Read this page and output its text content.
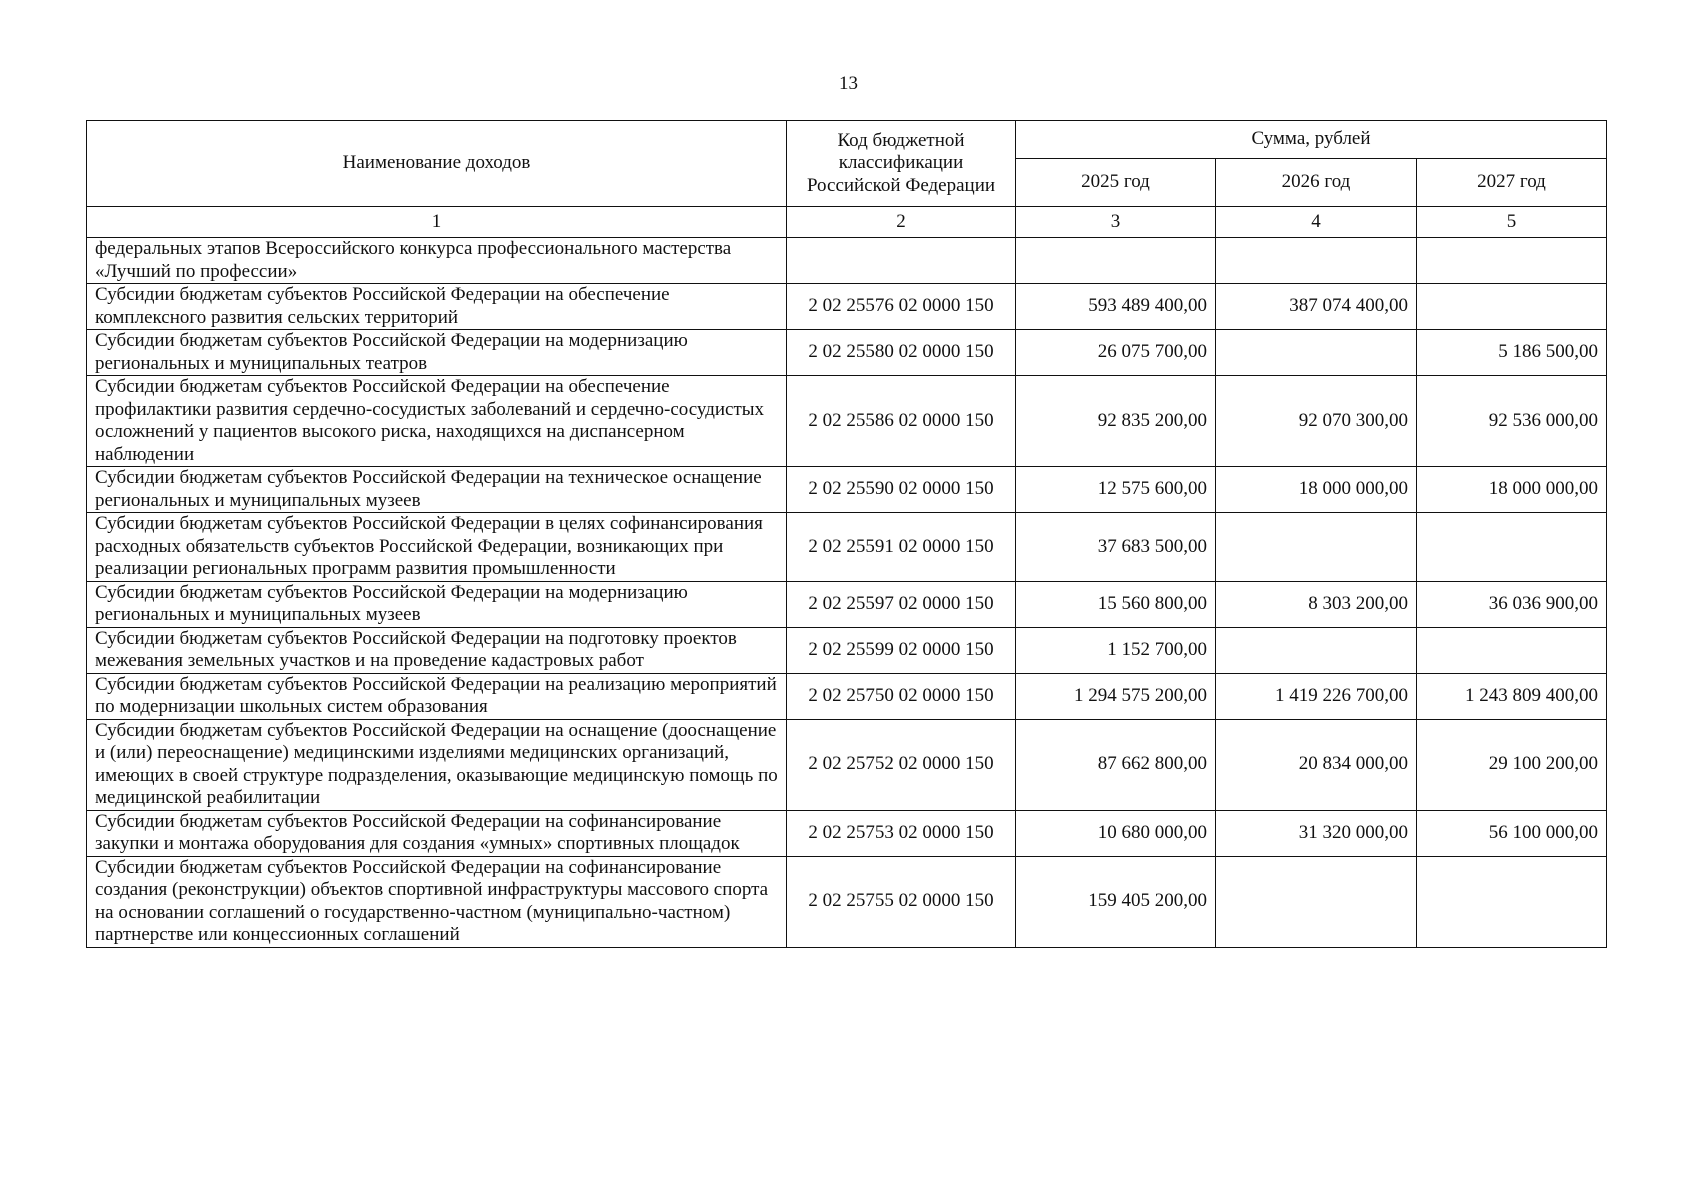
13
Наименование доходов	Код бюджетной классификации Российской Федерации	Сумма, рублей		
		2025 год	2026 год	2027 год
1	2	3	4	5
федеральных этапов Всероссийского конкурса профессионального мастерства «Лучший по профессии»				
Субсидии бюджетам субъектов Российской Федерации на обеспечение комплексного развития сельских территорий	2 02 25576 02 0000 150	593 489 400,00	387 074 400,00	
Субсидии бюджетам субъектов Российской Федерации на модернизацию региональных и муниципальных театров	2 02 25580 02 0000 150	26 075 700,00		5 186 500,00
Субсидии бюджетам субъектов Российской Федерации на обеспечение профилактики развития сердечно-сосудистых заболеваний и сердечно-сосудистых осложнений у пациентов высокого риска, находящихся на диспансерном наблюдении	2 02 25586 02 0000 150	92 835 200,00	92 070 300,00	92 536 000,00
Субсидии бюджетам субъектов Российской Федерации на техническое оснащение региональных и муниципальных музеев	2 02 25590 02 0000 150	12 575 600,00	18 000 000,00	18 000 000,00
Субсидии бюджетам субъектов Российской Федерации в целях софинансирования расходных обязательств субъектов Российской Федерации, возникающих при реализации региональных программ развития промышленности	2 02 25591 02 0000 150	37 683 500,00		
Субсидии бюджетам субъектов Российской Федерации на модернизацию региональных и муниципальных музеев	2 02 25597 02 0000 150	15 560 800,00	8 303 200,00	36 036 900,00
Субсидии бюджетам субъектов Российской Федерации на подготовку проектов межевания земельных участков и на проведение кадастровых работ	2 02 25599 02 0000 150	1 152 700,00		
Субсидии бюджетам субъектов Российской Федерации на реализацию мероприятий по модернизации школьных систем образования	2 02 25750 02 0000 150	1 294 575 200,00	1 419 226 700,00	1 243 809 400,00
Субсидии бюджетам субъектов Российской Федерации на оснащение (дооснащение и (или) переоснащение) медицинскими изделиями медицинских организаций, имеющих в своей структуре подразделения, оказывающие медицинскую помощь по медицинской реабилитации	2 02 25752 02 0000 150	87 662 800,00	20 834 000,00	29 100 200,00
Субсидии бюджетам субъектов Российской Федерации на софинансирование закупки и монтажа оборудования для создания «умных» спортивных площадок	2 02 25753 02 0000 150	10 680 000,00	31 320 000,00	56 100 000,00
Субсидии бюджетам субъектов Российской Федерации на софинансирование создания (реконструкции) объектов спортивной инфраструктуры массового спорта на основании соглашений о государственно-частном (муниципально-частном) партнерстве или концессионных соглашений	2 02 25755 02 0000 150	159 405 200,00		
